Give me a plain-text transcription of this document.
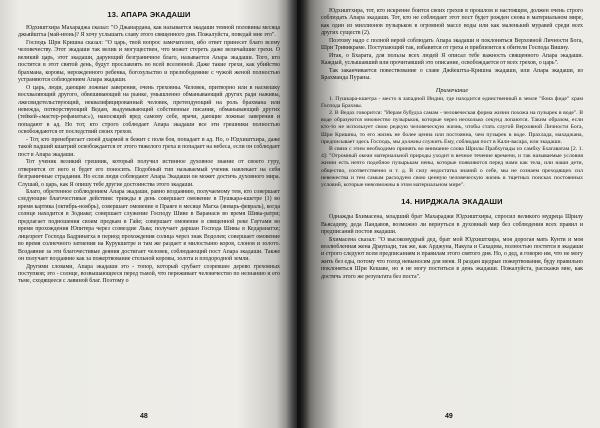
13. АПАРА ЭКАДАШИ

Юдхиштхира Махараджа сказал: "О Джанардана, как называется экадаши темной половины месяца джьяйштха (май-июнь)? Я хочу услышать славу этого священного дня. Пожалуйста, поведай мне это".

Господь Шри Кришна сказал: "О царь, твой вопрос замечателен, ибо ответ принесет благо всему человечеству. Этот экадаши так велик и могуществен, что может стереть даже величайшие грехи. О великий царь, этот экадаши, дарующий безграничное благо, называется Апара экадаши. Того, кто постится в этот святой день, будут прославлять во всей вселенной. Даже такие грехи, как убийство брахмана, коровы, нерожденного ребенка, богохульство и прелюбодеяние с чужой женой полностью устраняются соблюдением Апара экадаши.

О царь, люди, дающие ложные заверения, очень греховны. Человек, притворно или в насмешку восхваляющий другого, обвешивающий на рынке, умышленно обманывающий других ради наживы, лжесвидетельствующий, неквалифицированный человек, претендующий на роль брахмана или невежда, потворствующий Ведам, выдумывающий собственные писания, обманывающий других (тейкей-«мастер-рофанатыс»), наносящий вред самому себе, врачи, дающие ложные заверения и попадают в ад. Но тот, кто строго соблюдает Апара экадаши все эти грешники полностью освобождаются от последствий своих грехов.

- Тот, кто пренебрегает своей дхармой и бежит с поля боя, попадает в ад. Но, о Юдхиштхира, даже такой падший кшатрий освобождается от этого тяжелого греха и попадает на небеса, если он соблюдает пост в Апара экадаши.

Тот ученик великий грешник, который получил истинное духовное знание от своего гуру, отвернется от него и будет его поносить. Подобный тип называемый ученик навлекает на себя безграничные страдания. Но если люди соблюдают Апара Экадаши он может достичь духовного мира. Слушай, о царь, как Я опишу тебе другие достоинства этого экадаши.

Благо, обретенное соблюдением Апара экадаши, равно воздаянию, получаемому тем, кто совершает следующие благочестивые действия: трижды в день совершает омовение в Пушкара-кшетре (1) во время картика (октябрь-ноябрь), совершает омовение в Праяге в месяце Магха (январь-февраль), когда солнце находится в Зодиаке; совершает служение Господу Шиве в Варанаси во время Шива-ратри; предлагает подношения своим предкам в Гайе; совершает омовение в священной реке Гаутами во время прохождения Юпитера через созвездие Льва; получает даршан Господа Шивы в Кедаранатхе; лицезреет Господа Бадринатха в период прохождения солнца через знак Водолея; совершает омовение во время солнечного затмения на Курукшетре и там же раздает в милостыню коров, слонов и золото. Воздаяние за эти благочестивые деяния достигает человек, соблюдающий пост Апара экадаши. Также он получает воздаяние как за пожертвование стельной коровы, золота и плодородной земли.

Другими словами, Апара экадаши это - топор, который срубает созревшее дерево греховных поступков; это - солнце, возвышающееся перед тьмой, что переживает человечество по незнанию и его тьме, сходящееся с лавиной благ. Поэтому о

48

Юдхиштхира, тот, кто искренне боится своих грехов в прошлом и настоящем, должен очень строго соблюдать Апара экадаши. Тот, кто не соблюдает этот пост будет рожден снова в материальном мире, как один из миллионов пузырьков в огромной массе воды или как маленький муравей среди всех других существ (2).

Поэтому надо с полной верой соблюдать Апара экадаши и поклоняться Верховной Личности Бога, Шри Тривикраме. Поступающий так, избавится от греха и приблизится к обители Господа Вишну.

Итак, о Бхарата, для пользы всех людей Я описал тебе важность священного Апара экадаши. Каждый, услышавший или прочитавший это описание, освобождается от всех грехов, о царь".

Так заканчивается повествование о славе Джйештха-Кришна экадаши, или Апара экадаши, из Брахманда Пураны.

Примечание

1. Пушкара-кшетра - место в западной Индии, где находится единственный в земле "бона фиде" храм Господа Брахмы.

2. В Ведах говорится: "Иерам бубудха самам - человеческая форма жизни похожа на пузырек в воде". В воде образуются множество пузырьков, которые через несколько секунд лопаются. Таким образом, если кто-то не использует свою редкую человеческую жизнь, чтобы стать слугой Верховной Личности Бога, Шри Кришны, то его жизнь не более ценна или постоянна, чем пузырек в воде. Прахлада, махаджана, предписывает здесь Господь, мы должны служить Ему, соблюдая пост в Кали-васара, или экадаши.

В связи с этим необходимо принять во внимание слова Шрилы Прабхупады из самбху Бхагаватам [2. 1. 4]: "Огромный океан материальной природы уходит в вечное течение времени, и так называемые условия жизни есть нечто подобное пузырькам пены, которые появляются перед нами как тела, или наши дети, общество, соответственно и т. д. В силу недостатка знаний о себе, мы не сознаем преходящих сил невежества и тем самым расходуем свою ценную человеческую жизнь в тщетных поисках постоянных условий, которые невозможны в этом материальном мире".

14. НИРДЖАЛА ЭКАДАШИ

Однажды Бхимасена, младший брат Махараджи Юдхиштхиры, спросил великого мудреца Шрилу Вьясадеву, деда Пандавов, возможно ли вернуться в духовный мир без соблюдения всех правил и предписаний постов экадаши.

Бхимасена сказал: "О высокомудрый дед, брат мой Юдхиштхира, моя дорогая мать Кунти и моя возлюбленная жена Драупади, так же, как Арджуна, Накула и Сахадева, полностью постятся в экадаши и строго следуют всем предписаниям и правилам этого святого дня. Но, о дед, я говорю им, что не могу жить без еды, потому что голод невыносим для меня. Я раздам щедрые пожертвования, буду правильно поклоняться Шри Кешаве, но я не могу поститься в день экадаши. Пожалуйста, расскажи мне, как достичь этого же результата без поста".

49
